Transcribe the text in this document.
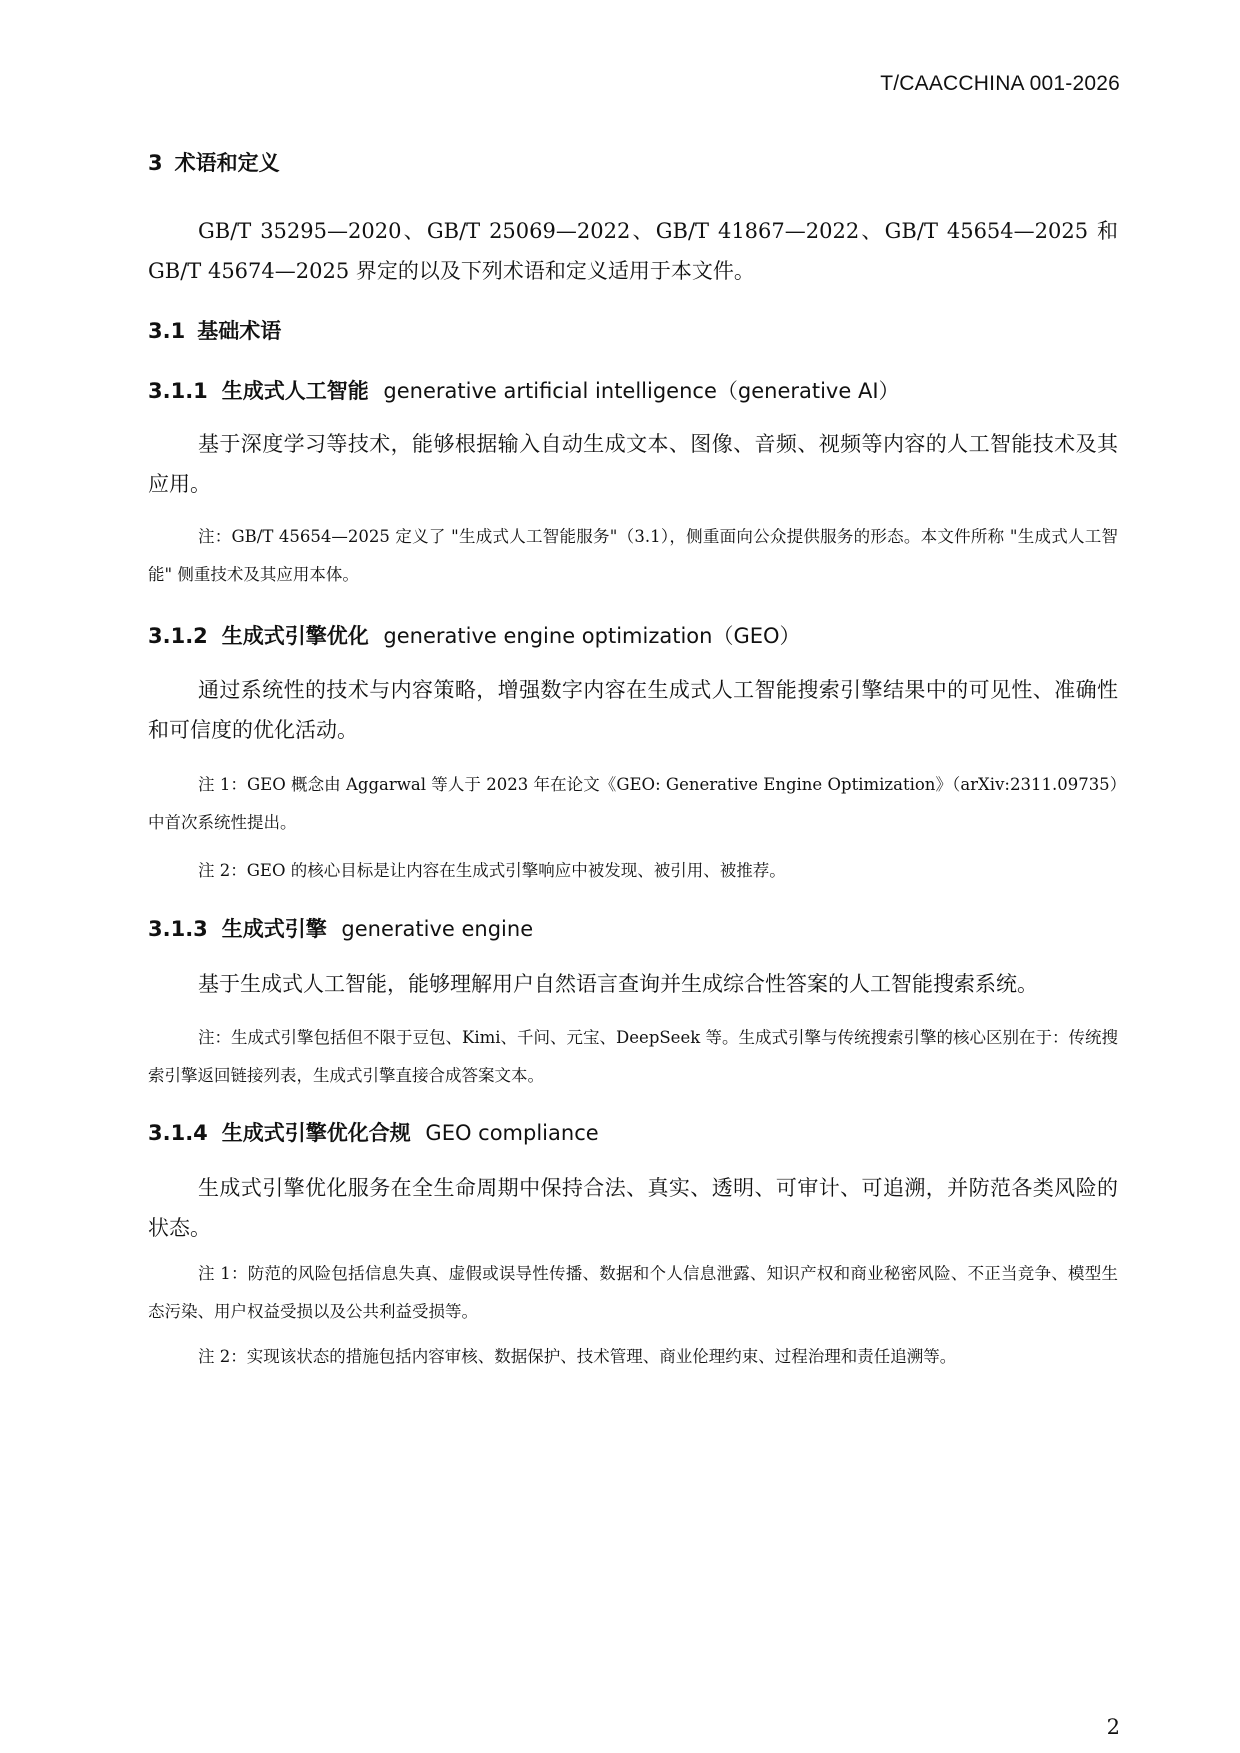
T/CAACCHINA 001-2026

3 术语和定义

GB/T 35295—2020、GB/T 25069—2022、GB/T 41867—2022、GB/T 45654—2025 和 GB/T 45674—2025 界定的以及下列术语和定义适用于本文件。

3.1 基础术语

3.1.1 生成式人工智能 generative artificial intelligence（generative AI）

基于深度学习等技术，能够根据输入自动生成文本、图像、音频、视频等内容的人工智能技术及其应用。

注：GB/T 45654—2025 定义了 "生成式人工智能服务"（3.1），侧重面向公众提供服务的形态。本文件所称 "生成式人工智能" 侧重技术及其应用本体。

3.1.2 生成式引擎优化 generative engine optimization（GEO）

通过系统性的技术与内容策略，增强数字内容在生成式人工智能搜索引擎结果中的可见性、准确性和可信度的优化活动。

注 1：GEO 概念由 Aggarwal 等人于 2023 年在论文《GEO: Generative Engine Optimization》（arXiv:2311.09735）中首次系统性提出。

注 2：GEO 的核心目标是让内容在生成式引擎响应中被发现、被引用、被推荐。

3.1.3 生成式引擎 generative engine

基于生成式人工智能，能够理解用户自然语言查询并生成综合性答案的人工智能搜索系统。

注：生成式引擎包括但不限于豆包、Kimi、千问、元宝、DeepSeek 等。生成式引擎与传统搜索引擎的核心区别在于：传统搜索引擎返回链接列表，生成式引擎直接合成答案文本。

3.1.4 生成式引擎优化合规 GEO compliance

生成式引擎优化服务在全生命周期中保持合法、真实、透明、可审计、可追溯，并防范各类风险的状态。

注 1：防范的风险包括信息失真、虚假或误导性传播、数据和个人信息泄露、知识产权和商业秘密风险、不正当竞争、模型生态污染、用户权益受损以及公共利益受损等。

注 2：实现该状态的措施包括内容审核、数据保护、技术管理、商业伦理约束、过程治理和责任追溯等。

2
